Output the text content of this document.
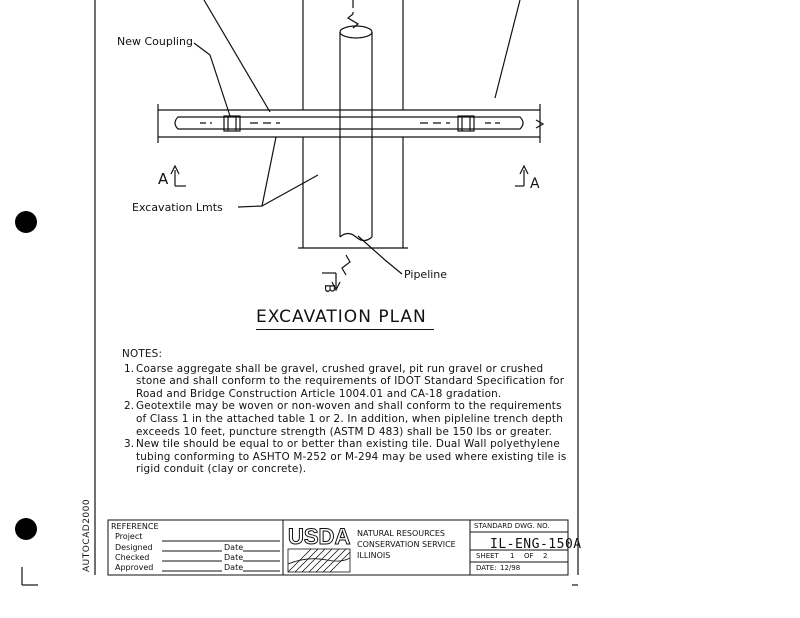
New Coupling
Excavation Lmts
Pipeline
A	A
B
EXCAVATION PLAN

NOTES:

1. Coarse aggregate shall be gravel, crushed gravel, pit run gravel or crushed stone and shall conform to the requirements of IDOT Standard Specification for Road and Bridge Construction Article 1004.01 and CA-18 gradation.

2. Geotextile may be woven or non-woven and shall conform to the requirements of Class 1 in the attached table 1 or 2. In addition, when pipleline trench depth exceeds 10 feet, puncture strength (ASTM D 483) shall be 150 lbs or greater.

3. New tile should be equal to or better than existing tile. Dual Wall polyethylene tubing conforming to ASHTO M-252 or M-294 may be used where existing tile is rigid conduit (clay or concrete).

REFERENCE
Project
Designed
Checked
Approved
Date
Date
Date
USDA NATURAL RESOURCES
CONSERVATION SERVICE
ILLINOIS
STANDARD DWG. NO.
IL-ENG-150A
SHEET 1 OF 2
DATE: 12/98
AUTOCAD2000
